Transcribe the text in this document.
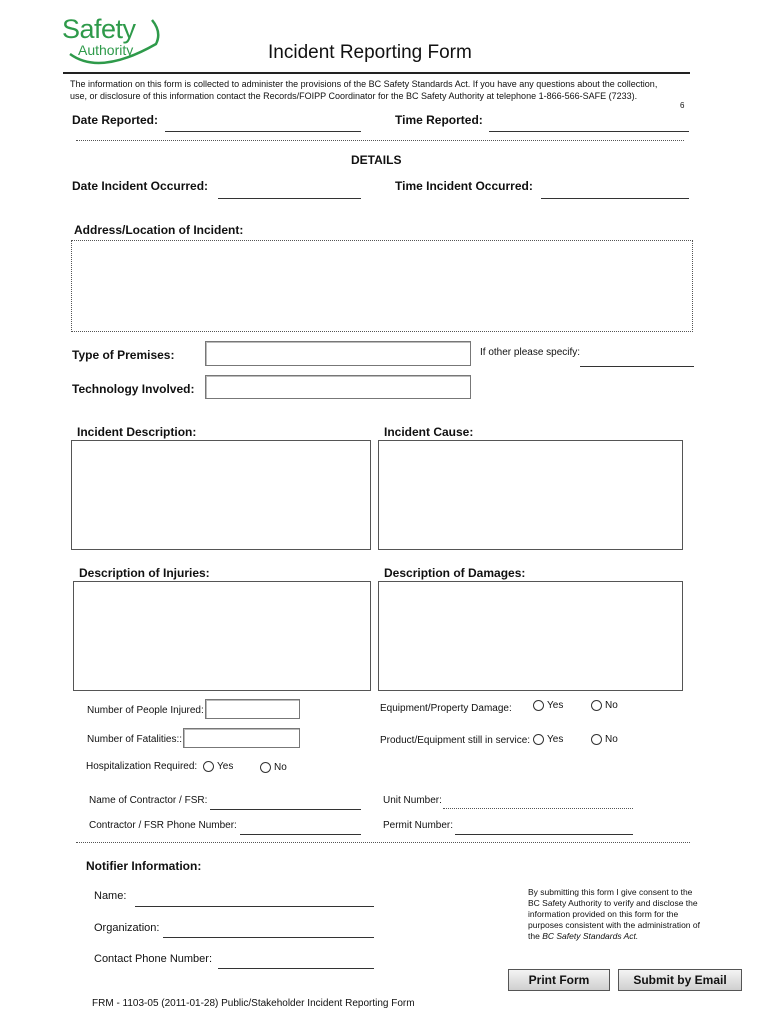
Safety
Authority	Incident Reporting Form
The information on this form is collected to administer the provisions of the BC Safety Standards Act. If you have any questions about the collection, use, or disclosure of this information contact the Records/FOIPP Coordinator for the BC Safety Authority at telephone 1-866-566-SAFE (7233).
6
Date Reported:	Time Reported:
DETAILS
Date Incident Occurred:	Time Incident Occurred:
Address/Location of Incident:
Type of Premises:	If other please specify:
Technology Involved:
Incident Description:	Incident Cause:
Description of Injuries:	Description of Damages:
Number of People Injured:
Number of Fatalities::
Equipment/Property Damage:	Yes	No
Product/Equipment still in service:	Yes	No
Hospitalization Required:	Yes	No
Name of Contractor / FSR:	Unit Number:
Contractor / FSR Phone Number:	Permit Number:
Notifier Information:
Name:
Organization:
Contact Phone Number:
By submitting this form I give consent to the BC Safety Authority to verify and disclose the information provided on this form for the purposes consistent with the administration of the BC Safety Standards Act.
Print Form	Submit by Email
FRM - 1103-05 (2011-01-28) Public/Stakeholder Incident Reporting Form
